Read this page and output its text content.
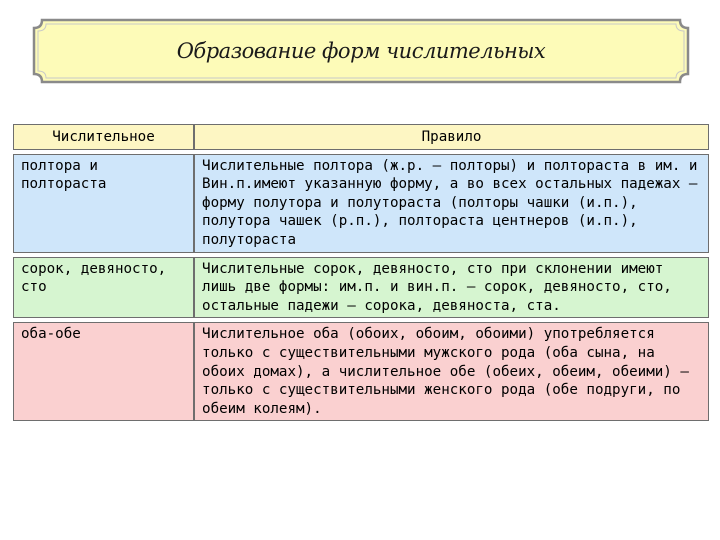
Образование форм числительных
Числительное	Правило
полтора и полтораста	Числительные полтора (ж.р. — полторы) и полтораста в им. и Вин.п.имеют указанную форму, а во всех остальных падежах — форму полутора и полутораста (полторы чашки (и.п.), полутора чашек (р.п.), полтораста центнеров (и.п.), полутораста
сорок, девяносто, сто	Числительные сорок, девяносто, сто при склонении имеют лишь две формы: им.п. и вин.п. — сорок, девяносто, сто, остальные падежи — сорока, девяноста, ста.
оба-обе	Числительное оба (обоих, обоим, обоими) употребляется только с существительными мужского рода (оба сына, на обоих домах), а числительное обе (обеих, обеим, обеими) — только с существительными женского рода (обе подруги, по обеим колеям).
